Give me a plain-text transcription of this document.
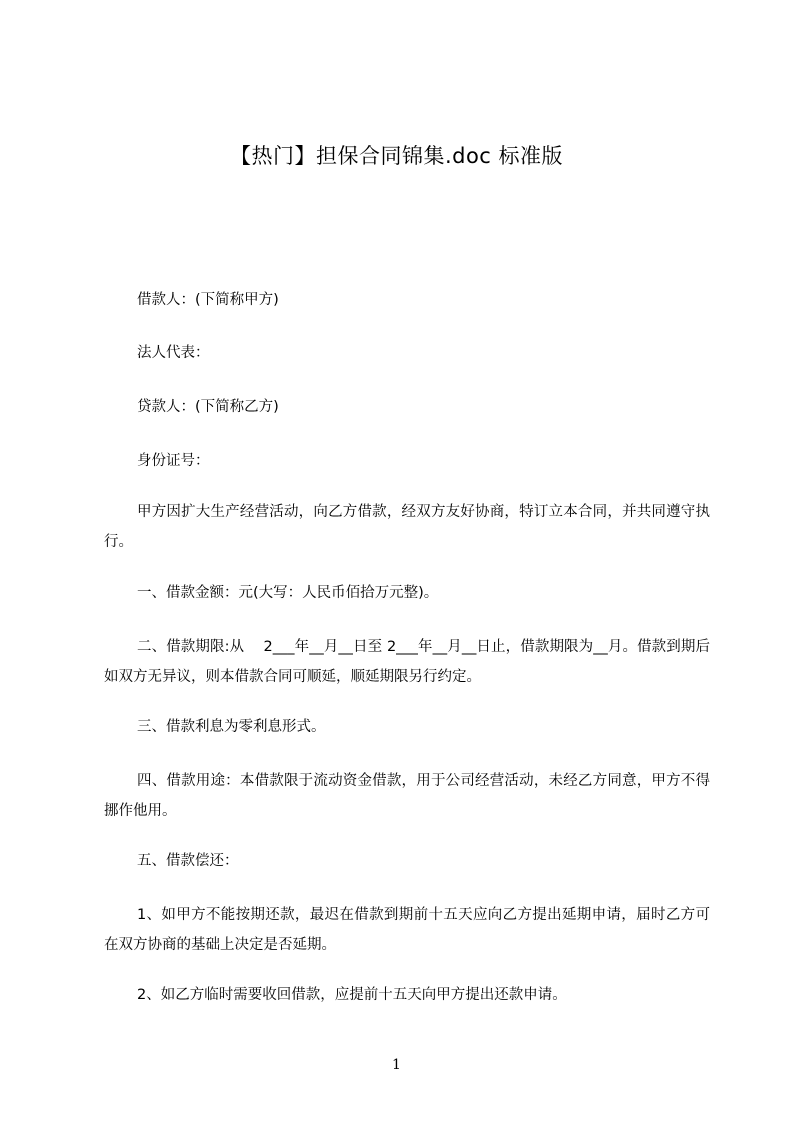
【热门】担保合同锦集.doc 标准版

借款人：(下简称甲方)

法人代表：

贷款人：(下简称乙方)

身份证号：

甲方因扩大生产经营活动，向乙方借款，经双方友好协商，特订立本合同，并共同遵守执行。

一、借款金额：元(大写：人民币佰拾万元整)。

二、借款期限:从　 2___年__月__日至 2___年__月__日止，借款期限为__月。借款到期后如双方无异议，则本借款合同可顺延，顺延期限另行约定。

三、借款利息为零利息形式。

四、借款用途：本借款限于流动资金借款，用于公司经营活动，未经乙方同意，甲方不得挪作他用。

五、借款偿还：

1、如甲方不能按期还款，最迟在借款到期前十五天应向乙方提出延期申请，届时乙方可在双方协商的基础上决定是否延期。

2、如乙方临时需要收回借款，应提前十五天向甲方提出还款申请。

1
